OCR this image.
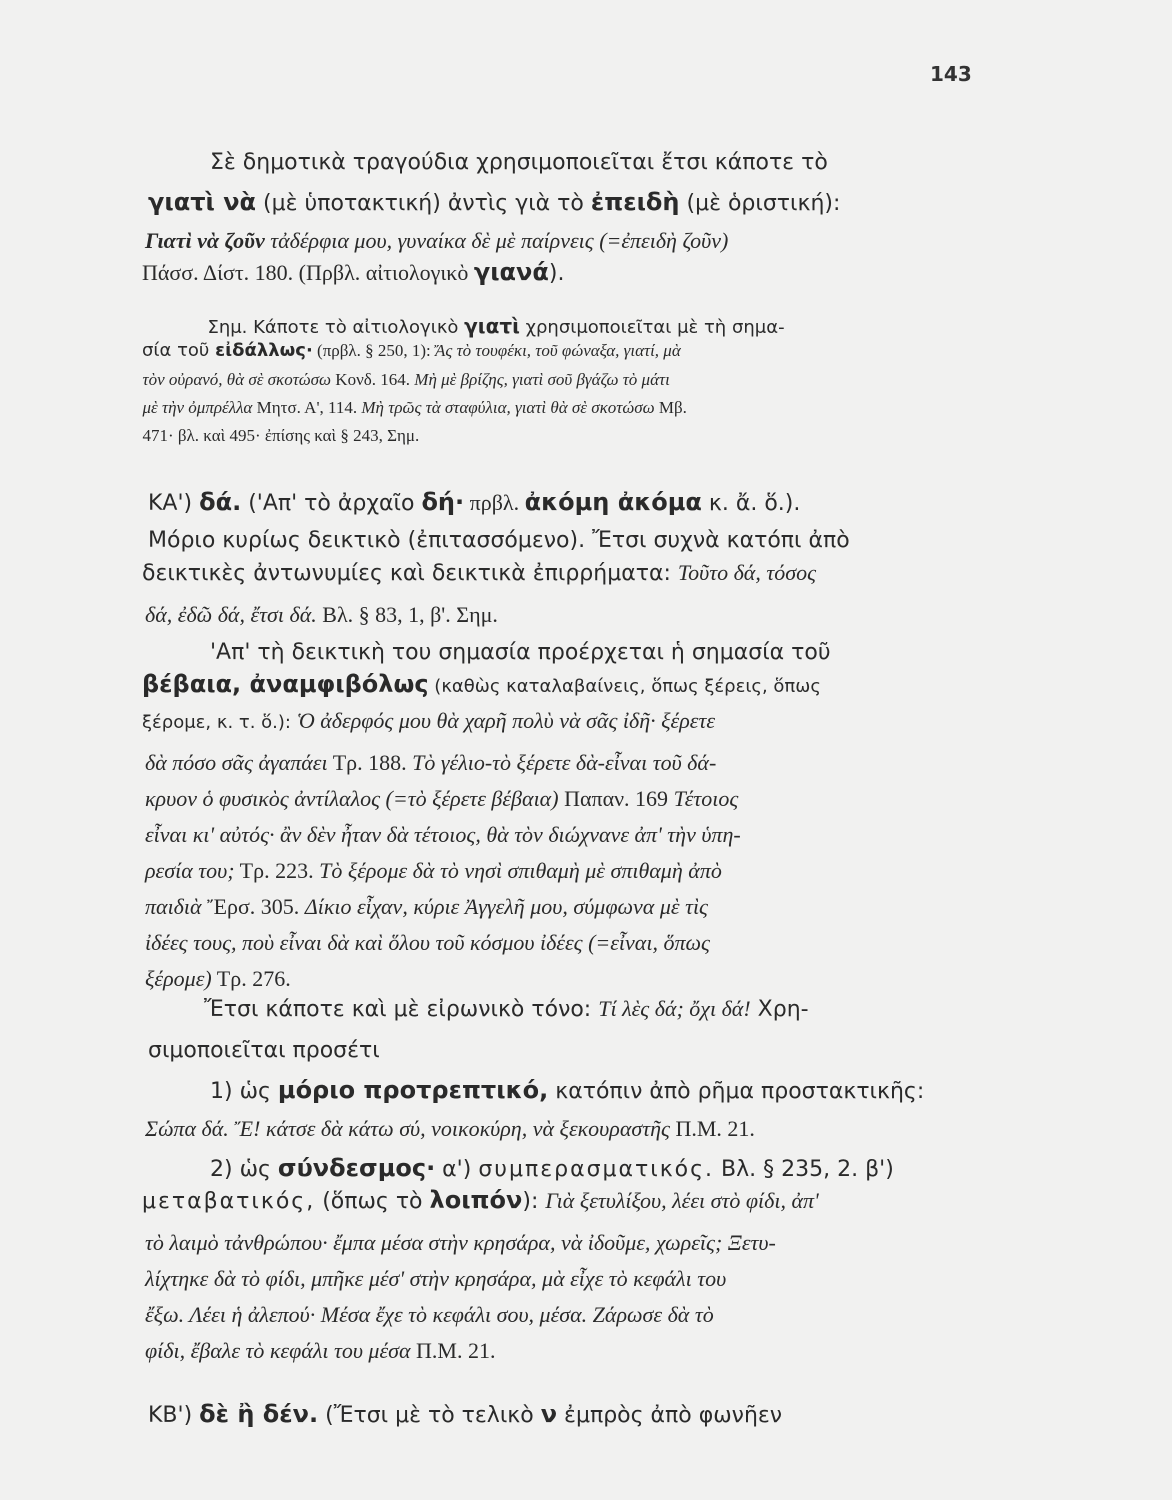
143

Σὲ δημοτικὰ τραγούδια χρησιμοποιεῖται ἔτσι κάποτε τὸ

γιατὶ νὰ (μὲ ὑποτακτική) ἀντὶς γιὰ τὸ ἐπειδὴ (μὲ ὁριστική):

Γιατὶ νὰ ζοῦν τἀδέρφια μου, γυναίκα δὲ μὲ παίρνεις (=ἐπειδὴ ζοῦν)

Πάσσ. Δίστ. 180. (Πρβλ. αἰτιολογικὸ γιανά).

Σημ. Κάποτε τὸ αἰτιολογικὸ γιατὶ χρησιμοποιεῖται μὲ τὴ σημα-

σία τοῦ εἰδάλλως· (πρβλ. § 250, 1): Ἄς τὸ τουφέκι, τοῦ φώναξα, γιατί, μὰ

τὸν οὐρανό, θὰ σὲ σκοτώσω Κονδ. 164. Μὴ μὲ βρίζης, γιατὶ σοῦ βγάζω τὸ μάτι

μὲ τὴν ὀμπρέλλα Μητσ. Α', 114. Μὴ τρῶς τὰ σταφύλια, γιατὶ θὰ σὲ σκοτώσω Μβ.

471· βλ. καὶ 495· ἐπίσης καὶ § 243, Σημ.

ΚΑ') δά. ('Απ' τὸ ἀρχαῖο δή· πρβλ. ἀκόμη ἀκόμα κ. ἄ. ὅ.).

Μόριο κυρίως δεικτικὸ (ἐπιτασσόμενο). Ἔτσι συχνὰ κατόπι ἀπὸ

δεικτικὲς ἀντωνυμίες καὶ δεικτικὰ ἐπιρρήματα: Τοῦτο δά, τόσος

δά, ἐδῶ δά, ἔτσι δά. Βλ. § 83, 1, β'. Σημ.

'Απ' τὴ δεικτικὴ του σημασία προέρχεται ἡ σημασία τοῦ

βέβαια, ἀναμφιβόλως (καθὼς καταλαβαίνεις, ὅπως ξέρεις, ὅπως

ξέρομε, κ. τ. ὅ.): Ὁ ἀδερφός μου θὰ χαρῆ πολὺ νὰ σᾶς ἰδῆ· ξέρετε

δὰ πόσο σᾶς ἀγαπάει Τρ. 188. Τὸ γέλιο-τὸ ξέρετε δὰ-εἶναι τοῦ δά-

κρυον ὁ φυσικὸς ἀντίλαλος (=τὸ ξέρετε βέβαια) Παπαν. 169 Τέτοιος

εἶναι κι' αὐτός· ἂν δὲν ἦταν δὰ τέτοιος, θὰ τὸν διώχνανε ἀπ' τὴν ὑπη-

ρεσία του; Τρ. 223. Τὸ ξέρομε δὰ τὸ νησὶ σπιθαμὴ μὲ σπιθαμὴ ἀπὸ

παιδιὰ Ἔρσ. 305. Δίκιο εἶχαν, κύριε Ἀγγελῆ μου, σύμφωνα μὲ τὶς

ἰδέες τους, ποὺ εἶναι δὰ καὶ ὅλου τοῦ κόσμου ἰδέες (=εἶναι, ὅπως

ξέρομε) Τρ. 276.

Ἔτσι κάποτε καὶ μὲ εἰρωνικὸ τόνο: Τί λὲς δά; ὄχι δά! Χρη-

σιμοποιεῖται προσέτι

1) ὡς μόριο προτρεπτικό, κατόπιν ἀπὸ ρῆμα προστακτικῆς:

Σώπα δά. Ἔ! κάτσε δὰ κάτω σύ, νοικοκύρη, νὰ ξεκουραστῆς Π.Μ. 21.

2) ὡς σύνδεσμος· α') συμπερασματικός. Βλ. § 235, 2. β')

μεταβατικός, (ὅπως τὸ λοιπόν): Γιὰ ξετυλίξου, λέει στὸ φίδι, ἀπ'

τὸ λαιμὸ τἀνθρώπου· ἔμπα μέσα στὴν κρησάρα, νὰ ἰδοῦμε, χωρεῖς; Ξετυ-

λίχτηκε δὰ τὸ φίδι, μπῆκε μέσ' στὴν κρησάρα, μὰ εἶχε τὸ κεφάλι του

ἔξω. Λέει ἡ ἀλεπού· Μέσα ἔχε τὸ κεφάλι σου, μέσα. Ζάρωσε δὰ τὸ

φίδι, ἔβαλε τὸ κεφάλι του μέσα Π.Μ. 21.

ΚΒ') δὲ ἢ δέν. (Ἔτσι μὲ τὸ τελικὸ ν ἐμπρὸς ἀπὸ φωνῆεν
